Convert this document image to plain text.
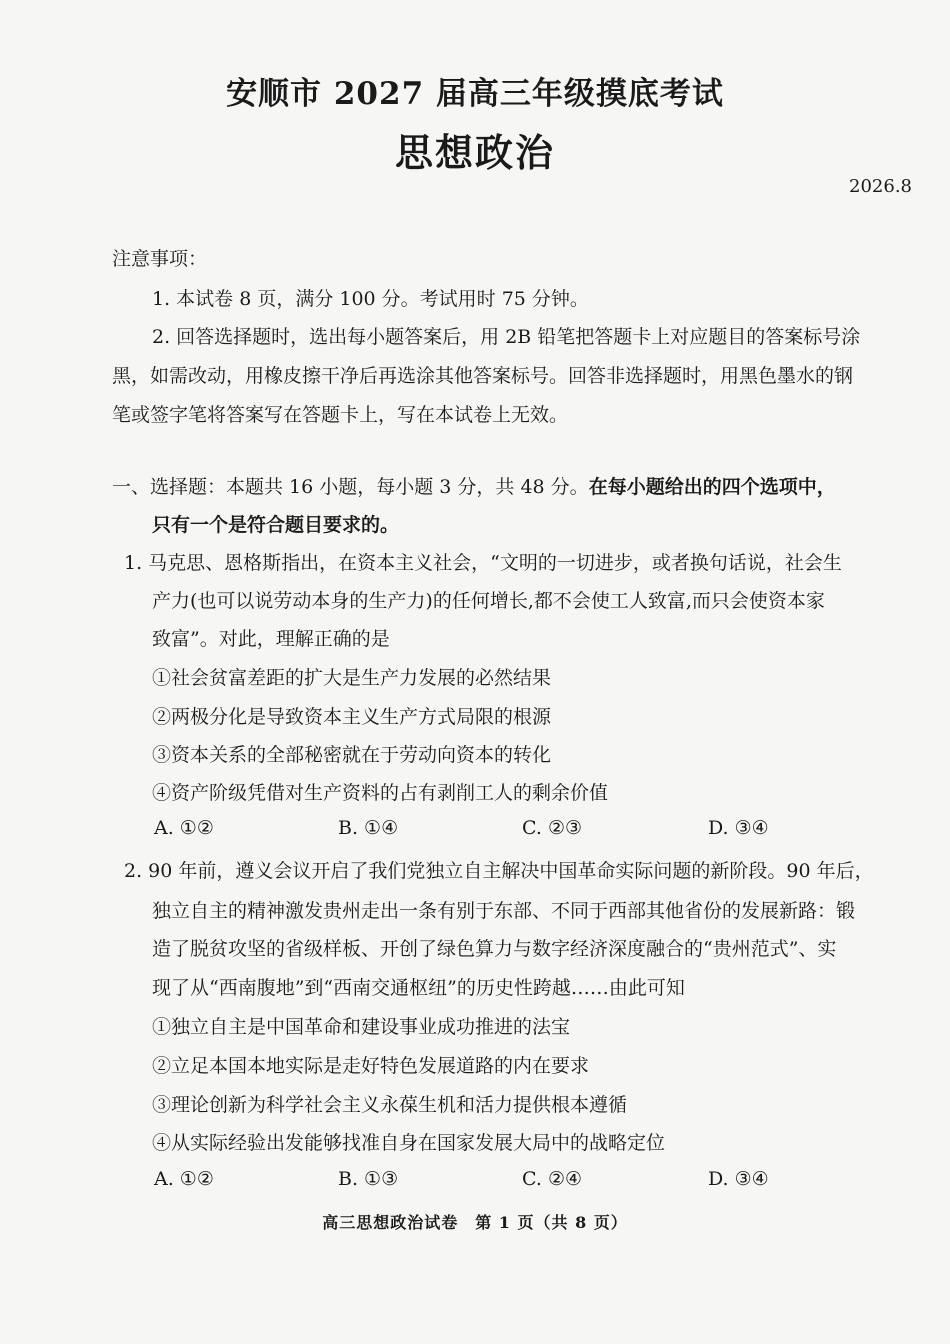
安顺市 2027 届高三年级摸底考试
思想政治
2026.8
注意事项：
1. 本试卷 8 页，满分 100 分。考试用时 75 分钟。
2. 回答选择题时，选出每小题答案后，用 2B 铅笔把答题卡上对应题目的答案标号涂
黑，如需改动，用橡皮擦干净后再选涂其他答案标号。回答非选择题时，用黑色墨水的钢
笔或签字笔将答案写在答题卡上，写在本试卷上无效。
一、选择题：本题共 16 小题，每小题 3 分，共 48 分。在每小题给出的四个选项中，
只有一个是符合题目要求的。
1. 马克思、恩格斯指出，在资本主义社会，“文明的一切进步，或者换句话说，社会生
产力(也可以说劳动本身的生产力)的任何增长,都不会使工人致富,而只会使资本家
致富”。对此，理解正确的是
①社会贫富差距的扩大是生产力发展的必然结果
②两极分化是导致资本主义生产方式局限的根源
③资本关系的全部秘密就在于劳动向资本的转化
④资产阶级凭借对生产资料的占有剥削工人的剩余价值
A. ①②	B. ①④	C. ②③	D. ③④
2. 90 年前，遵义会议开启了我们党独立自主解决中国革命实际问题的新阶段。90 年后，
独立自主的精神激发贵州走出一条有别于东部、不同于西部其他省份的发展新路：锻
造了脱贫攻坚的省级样板、开创了绿色算力与数字经济深度融合的“贵州范式”、实
现了从“西南腹地”到“西南交通枢纽”的历史性跨越……由此可知
①独立自主是中国革命和建设事业成功推进的法宝
②立足本国本地实际是走好特色发展道路的内在要求
③理论创新为科学社会主义永葆生机和活力提供根本遵循
④从实际经验出发能够找准自身在国家发展大局中的战略定位
A. ①②	B. ①③	C. ②④	D. ③④
高三思想政治试卷　第 1 页（共 8 页）
